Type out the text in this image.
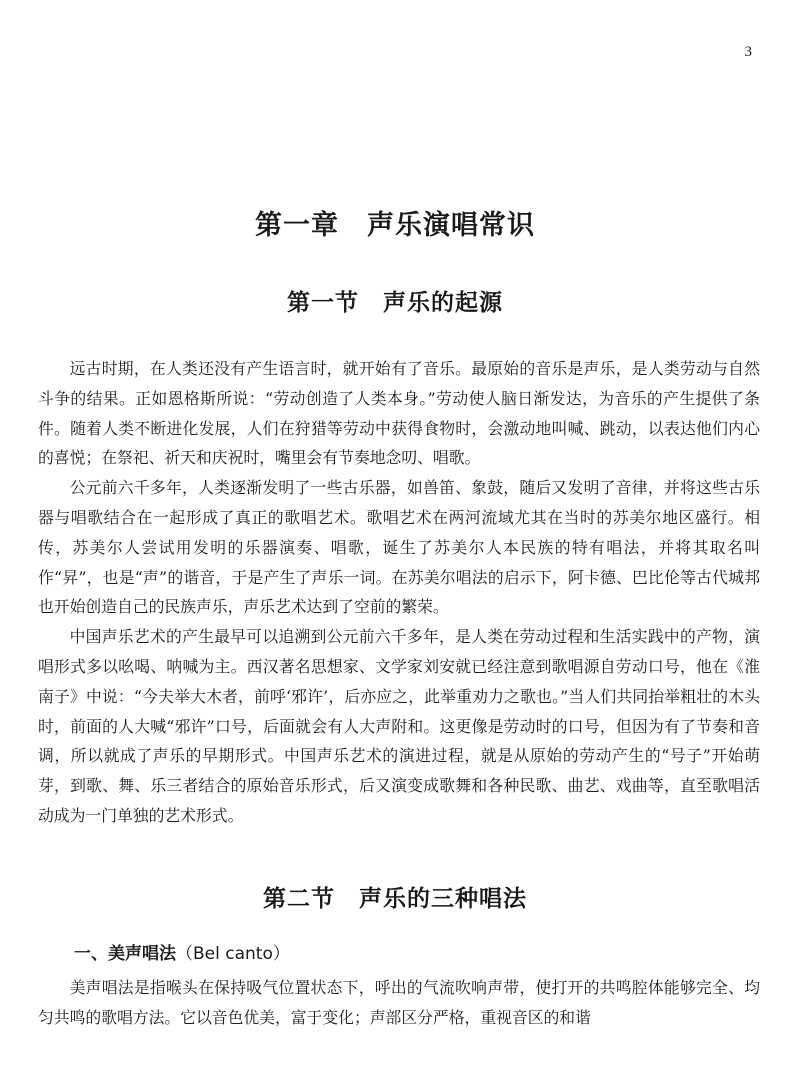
3
第一章　声乐演唱常识
第一节　声乐的起源

远古时期，在人类还没有产生语言时，就开始有了音乐。最原始的音乐是声乐，是人类劳动与自然斗争的结果。正如恩格斯所说：“劳动创造了人类本身。”劳动使人脑日渐发达，为音乐的产生提供了条件。随着人类不断进化发展，人们在狩猎等劳动中获得食物时，会激动地叫喊、跳动，以表达他们内心的喜悦；在祭祀、祈天和庆祝时，嘴里会有节奏地念叨、唱歌。

公元前六千多年，人类逐渐发明了一些古乐器，如兽笛、象鼓，随后又发明了音律，并将这些古乐器与唱歌结合在一起形成了真正的歌唱艺术。歌唱艺术在两河流域尤其在当时的苏美尔地区盛行。相传，苏美尔人尝试用发明的乐器演奏、唱歌，诞生了苏美尔人本民族的特有唱法，并将其取名叫作“昇”，也是“声”的谐音，于是产生了声乐一词。在苏美尔唱法的启示下，阿卡德、巴比伦等古代城邦也开始创造自己的民族声乐，声乐艺术达到了空前的繁荣。

中国声乐艺术的产生最早可以追溯到公元前六千多年，是人类在劳动过程和生活实践中的产物，演唱形式多以吆喝、呐喊为主。西汉著名思想家、文学家刘安就已经注意到歌唱源自劳动口号，他在《淮南子》中说：“今夫举大木者，前呼‘邪许’，后亦应之，此举重劝力之歌也。”当人们共同抬举粗壮的木头时，前面的人大喊“邪许”口号，后面就会有人大声附和。这更像是劳动时的口号，但因为有了节奏和音调，所以就成了声乐的早期形式。中国声乐艺术的演进过程，就是从原始的劳动产生的“号子”开始萌芽，到歌、舞、乐三者结合的原始音乐形式，后又演变成歌舞和各种民歌、曲艺、戏曲等，直至歌唱活动成为一门单独的艺术形式。

第二节　声乐的三种唱法
一、美声唱法（Bel canto）

美声唱法是指喉头在保持吸气位置状态下，呼出的气流吹响声带，使打开的共鸣腔体能够完全、均匀共鸣的歌唱方法。它以音色优美，富于变化；声部区分严格，重视音区的和谐
